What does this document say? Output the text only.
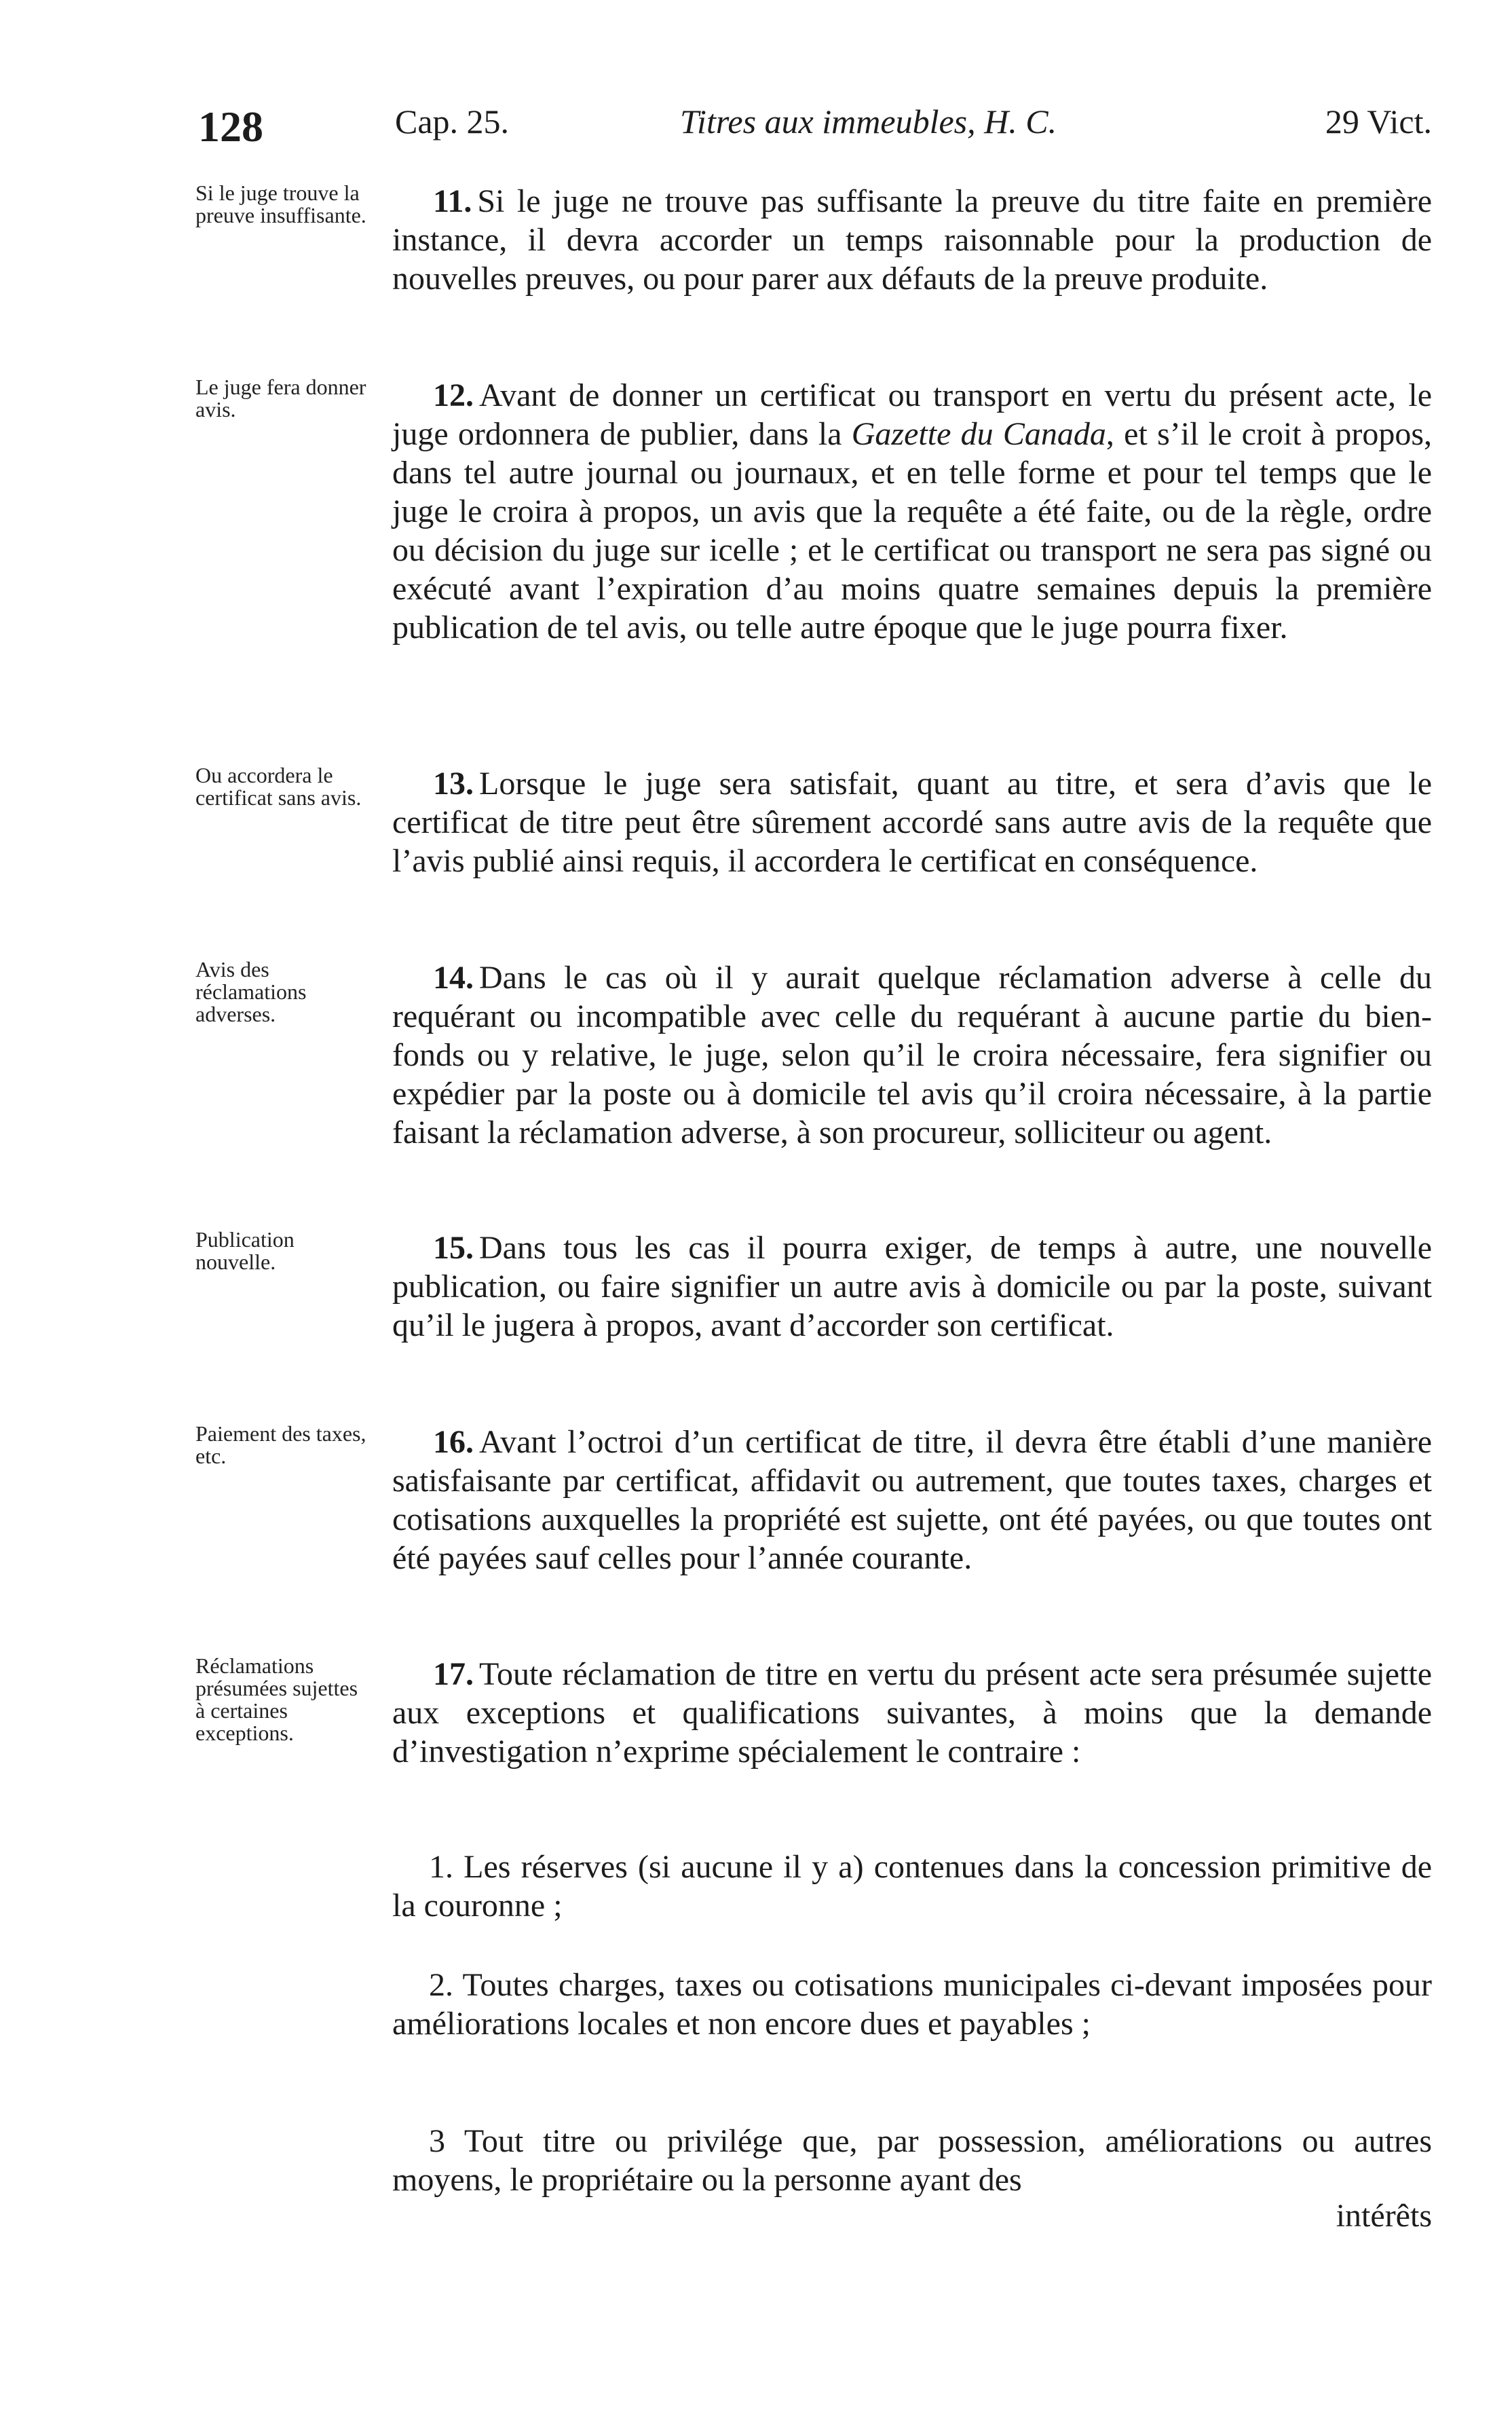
128	Cap. 25.	Titres aux immeubles, H. C.	29 Vict.
Si le juge trouve la preuve insuffisante.	11. Si le juge ne trouve pas suffisante la preuve du titre faite en première instance, il devra accorder un temps raisonnable pour la production de nouvelles preuves, ou pour parer aux défauts de la preuve produite.
Le juge fera donner avis.	12. Avant de donner un certificat ou transport en vertu du présent acte, le juge ordonnera de publier, dans la Gazette du Canada, et s’il le croit à propos, dans tel autre journal ou journaux, et en telle forme et pour tel temps que le juge le croira à propos, un avis que la requête a été faite, ou de la règle, ordre ou décision du juge sur icelle ; et le certificat ou transport ne sera pas signé ou exécuté avant l’expiration d’au moins quatre semaines depuis la première publication de tel avis, ou telle autre époque que le juge pourra fixer.
Ou accordera le certificat sans avis.	13. Lorsque le juge sera satisfait, quant au titre, et sera d’avis que le certificat de titre peut être sûrement accordé sans autre avis de la requête que l’avis publié ainsi requis, il accordera le certificat en conséquence.
Avis des réclamations adverses.
14. Dans le cas où il y aurait quelque réclamation adverse à celle du requérant ou incompatible avec celle du requérant à aucune partie du bien-fonds ou y relative, le juge, selon qu’il le croira nécessaire, fera signifier ou expédier par la poste ou à domicile tel avis qu’il croira nécessaire, à la partie faisant la réclamation adverse, à son procureur, solliciteur ou agent.
Publication nouvelle.	15. Dans tous les cas il pourra exiger, de temps à autre, une nouvelle publication, ou faire signifier un autre avis à domicile ou par la poste, suivant qu’il le jugera à propos, avant d’accorder son certificat.
Paiement des taxes, etc.	16. Avant l’octroi d’un certificat de titre, il devra être établi d’une manière satisfaisante par certificat, affidavit ou autrement, que toutes taxes, charges et cotisations auxquelles la propriété est sujette, ont été payées, ou que toutes ont été payées sauf celles pour l’année courante.
Réclamations présumées sujettes à certaines exceptions.
17. Toute réclamation de titre en vertu du présent acte sera présumée sujette aux exceptions et qualifications suivantes, à moins que la demande d’investigation n’exprime spécialement le contraire :
1. Les réserves (si aucune il y a) contenues dans la concession primitive de la couronne ;
2. Toutes charges, taxes ou cotisations municipales ci-devant imposées pour améliorations locales et non encore dues et payables ;
3 Tout titre ou privilége que, par possession, améliorations ou autres moyens, le propriétaire ou la personne ayant des
intérêts
